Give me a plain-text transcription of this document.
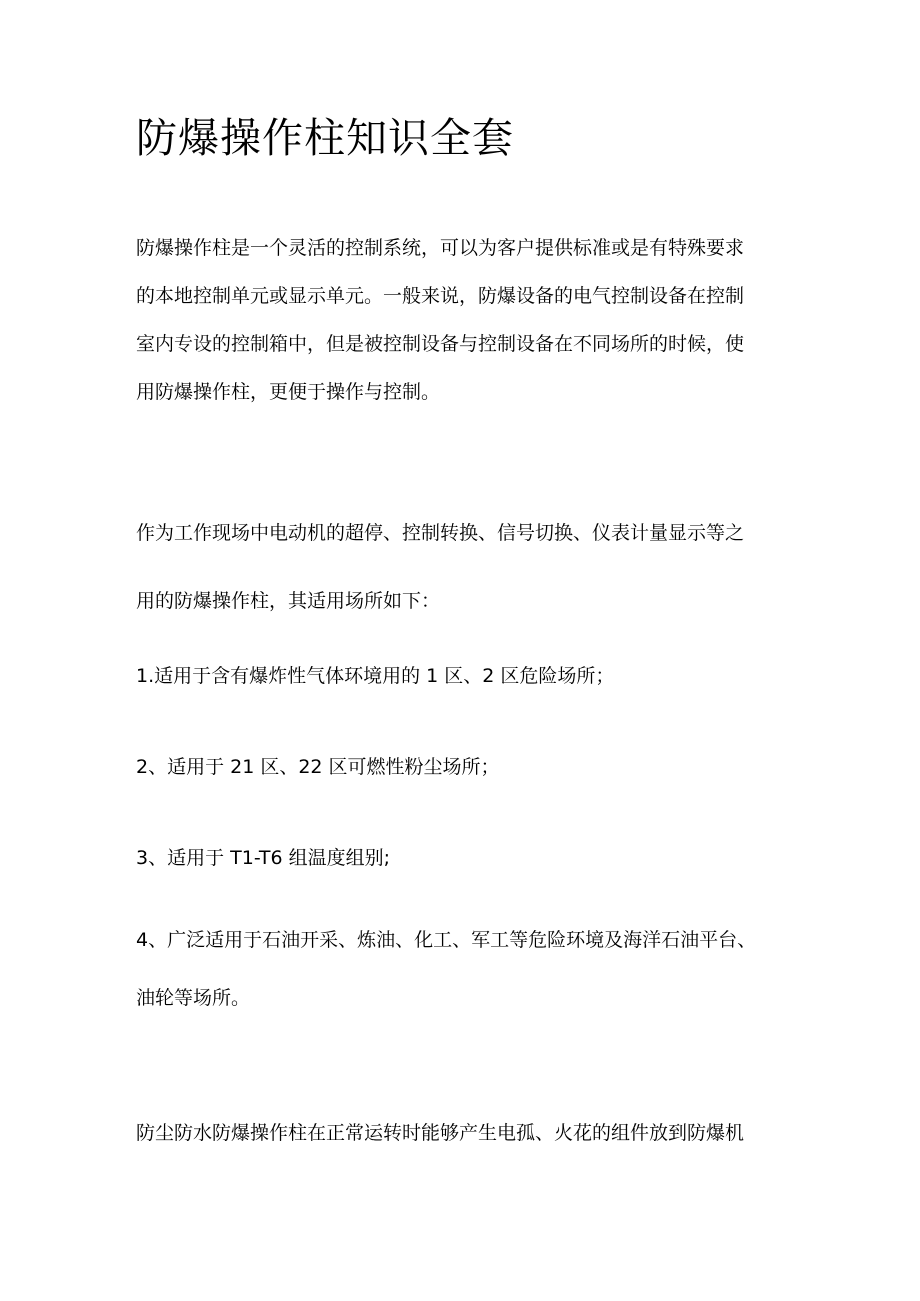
防爆操作柱知识全套

防爆操作柱是一个灵活的控制系统，可以为客户提供标准或是有特殊要求
的本地控制单元或显示单元。一般来说，防爆设备的电气控制设备在控制
室内专设的控制箱中，但是被控制设备与控制设备在不同场所的时候，使
用防爆操作柱，更便于操作与控制。

作为工作现场中电动机的超停、控制转换、信号切换、仪表计量显示等之
用的防爆操作柱，其适用场所如下：

1.适用于含有爆炸性气体环境用的 1 区、2 区危险场所；

2、适用于 21 区、22 区可燃性粉尘场所；

3、适用于 T1-T6 组温度组别;

4、广泛适用于石油开采、炼油、化工、军工等危险环境及海洋石油平台、
油轮等场所。

防尘防水防爆操作柱在正常运转时能够产生电孤、火花的组件放到防爆机
